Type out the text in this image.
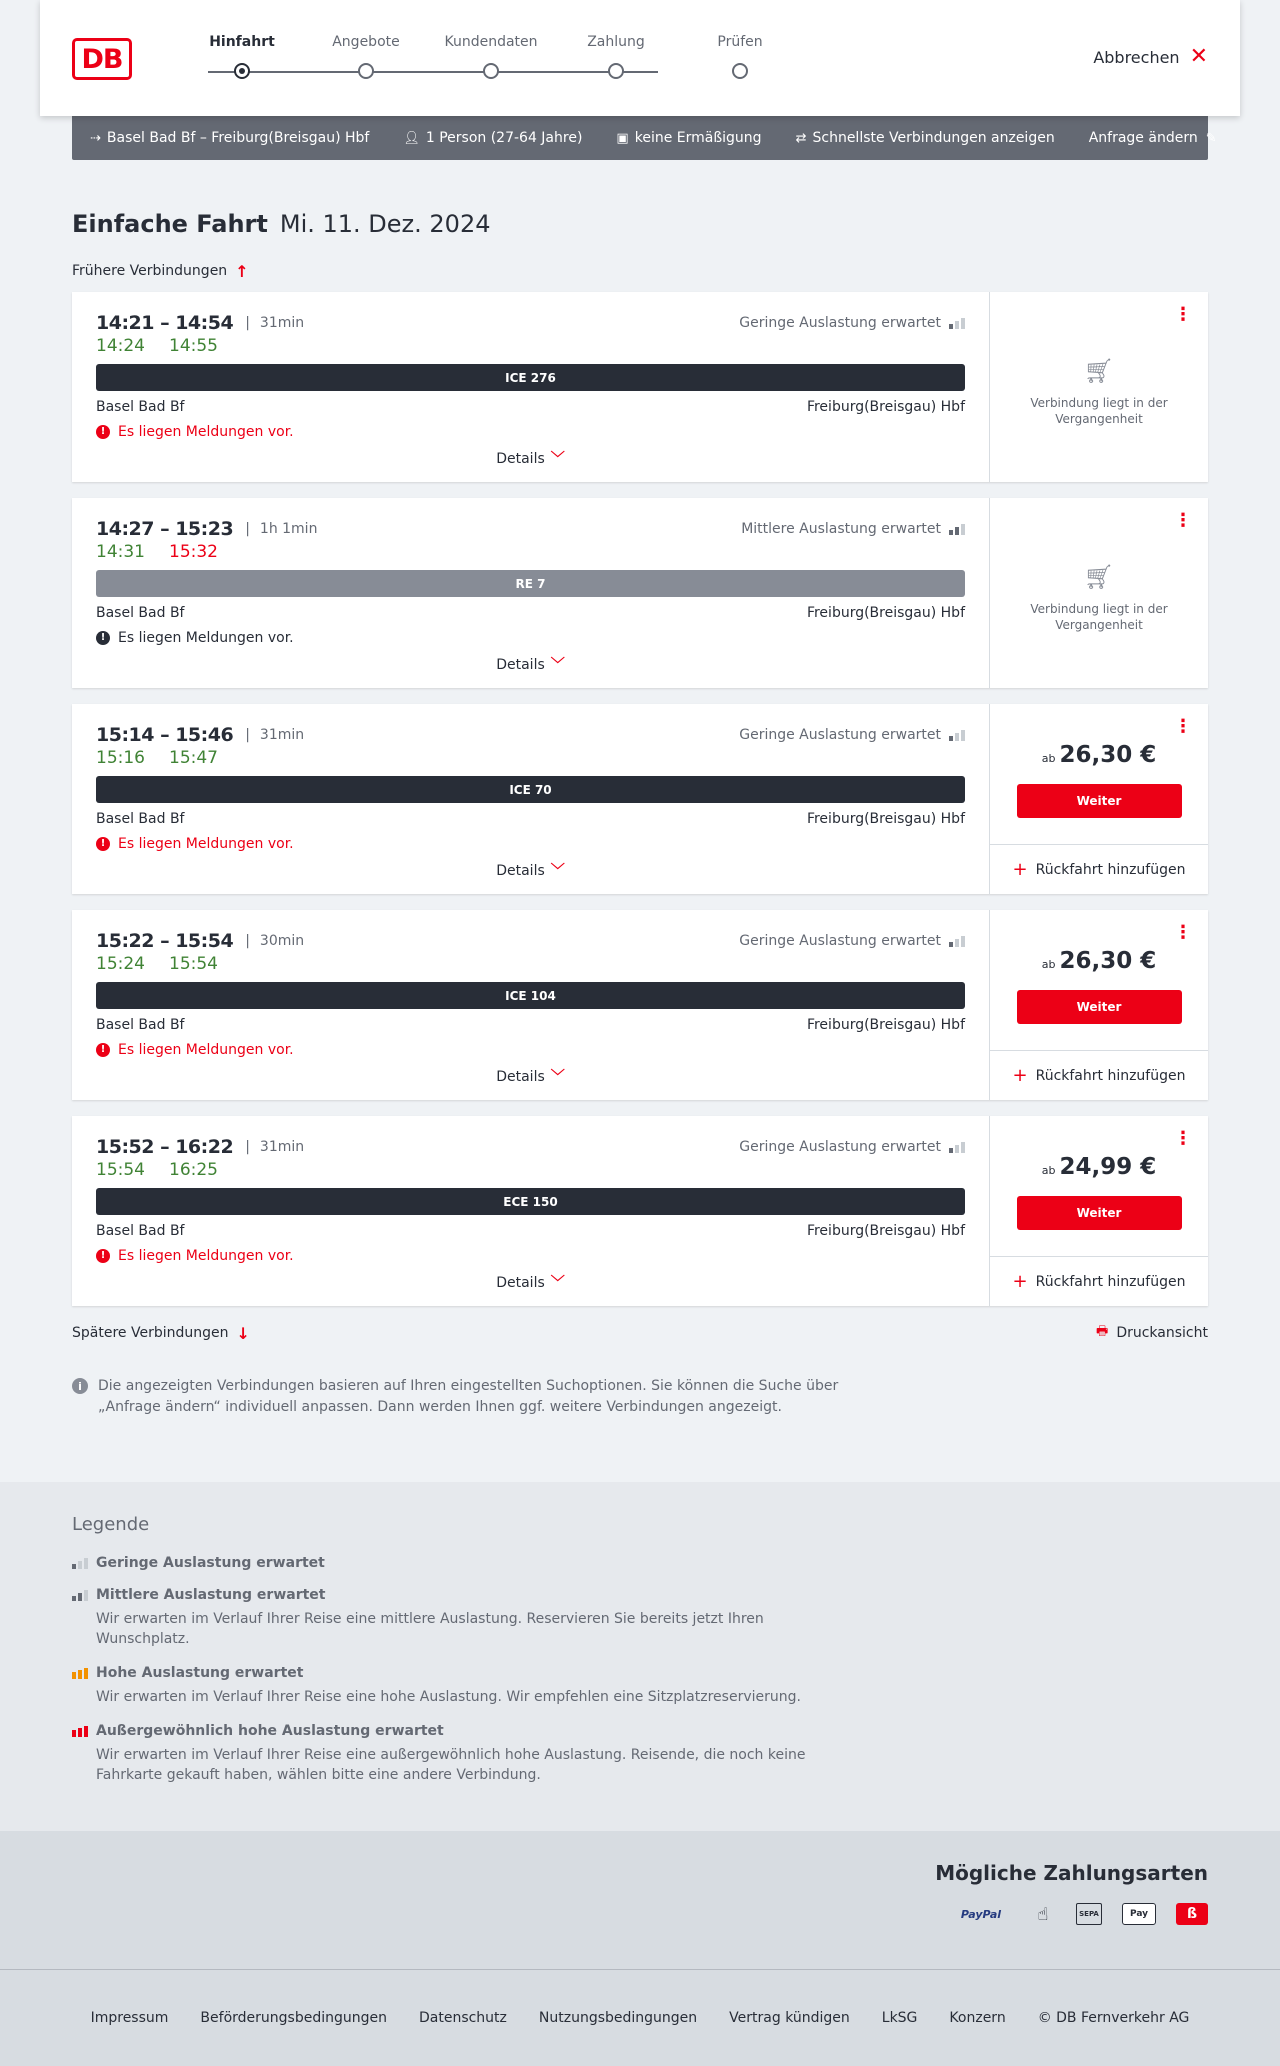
DB
Hinfahrt	Angebote	Kundendaten	Zahlung	Prüfen
Abbrechen ✕
⇢ Basel Bad Bf – Freiburg(Breisgau) Hbf	👤︎ 1 Person (27-64 Jahre)	▣ keine Ermäßigung	⇄ Schnellste Verbindungen anzeigen Anfrage ändern ✎
Einfache Fahrt Mi. 11. Dez. 2024
Frühere Verbindungen ↑
14:21 – 14:54 | 31min	Geringe Auslastung erwartet
14:24 14:55
ICE 276
Basel Bad Bf	Freiburg(Breisgau) Hbf
!
Es liegen Meldungen vor.
Details ﹀
⋮
🛒︎
Verbindung liegt in der Vergangenheit
14:27 – 15:23 | 1h 1min	Mittlere Auslastung erwartet
14:31 15:32
RE 7
Basel Bad Bf	Freiburg(Breisgau) Hbf
!
Es liegen Meldungen vor.
Details ﹀
⋮
🛒︎
Verbindung liegt in der Vergangenheit
15:14 – 15:46 | 31min	Geringe Auslastung erwartet
15:16 15:47
ICE 70
Basel Bad Bf	Freiburg(Breisgau) Hbf
!
Es liegen Meldungen vor.
Details ﹀
⋮
ab 26,30 €
Weiter
+ Rückfahrt hinzufügen
15:22 – 15:54 | 30min	Geringe Auslastung erwartet
15:24 15:54
ICE 104
Basel Bad Bf	Freiburg(Breisgau) Hbf
!
Es liegen Meldungen vor.
Details ﹀
⋮
ab 26,30 €
Weiter
+ Rückfahrt hinzufügen
15:52 – 16:22 | 31min	Geringe Auslastung erwartet
15:54 16:25
ECE 150
Basel Bad Bf	Freiburg(Breisgau) Hbf
!
Es liegen Meldungen vor.
Details ﹀
⋮
ab 24,99 €
Weiter
+ Rückfahrt hinzufügen
Spätere Verbindungen ↓	🖶︎ Druckansicht
i	Die angezeigten Verbindungen basieren auf Ihren eingestellten Suchoptionen. Sie können die Suche über „Anfrage ändern“ individuell anpassen. Dann werden Ihnen ggf. weitere Verbindungen angezeigt.
Legende
Geringe Auslastung erwartet
Mittlere Auslastung erwartet
Wir erwarten im Verlauf Ihrer Reise eine mittlere Auslastung. Reservieren Sie bereits jetzt Ihren Wunschplatz.
Hohe Auslastung erwartet
Wir erwarten im Verlauf Ihrer Reise eine hohe Auslastung. Wir empfehlen eine Sitzplatzreservierung.
Außergewöhnlich hohe Auslastung erwartet
Wir erwarten im Verlauf Ihrer Reise eine außergewöhnlich hohe Auslastung. Reisende, die noch keine Fahrkarte gekauft haben, wählen bitte eine andere Verbindung.
Mögliche Zahlungsarten
PayPal	☝︎	SEPA	Pay	ß
Impressum Beförderungsbedingungen Datenschutz Nutzungsbedingungen Vertrag kündigen LkSG Konzern © DB Fernverkehr AG
